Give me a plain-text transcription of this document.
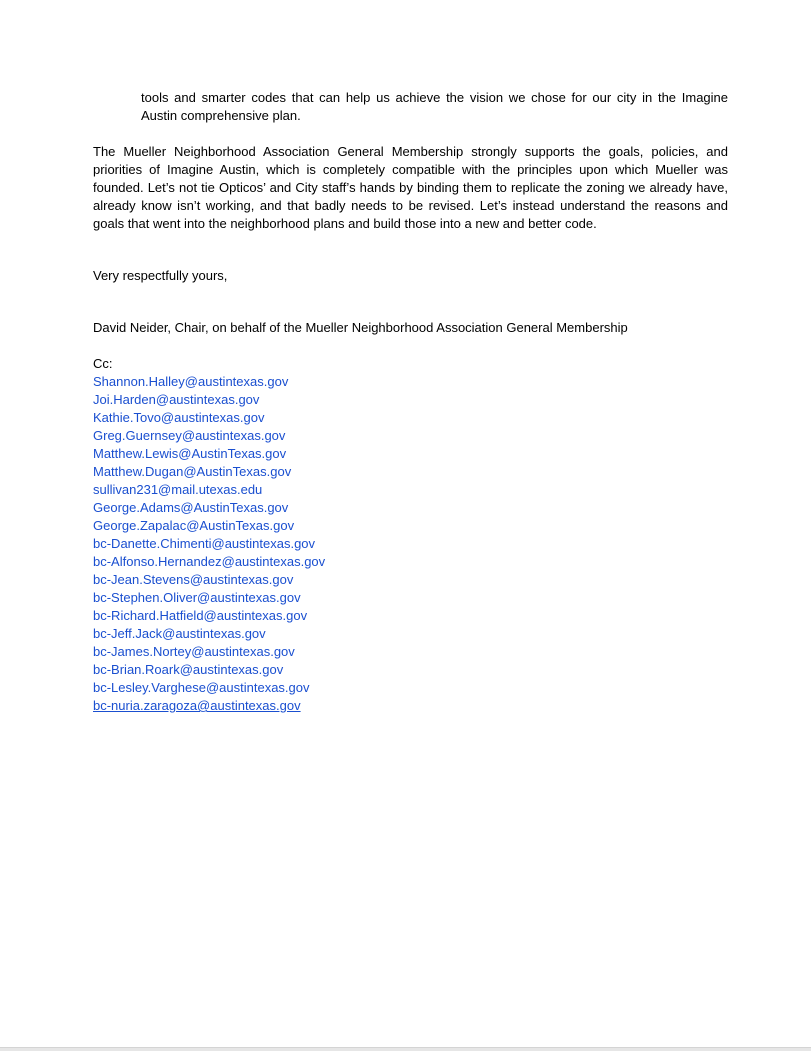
tools and smarter codes that can help us achieve the vision we chose for our city in the Imagine Austin comprehensive plan.

The Mueller Neighborhood Association General Membership strongly supports the goals, policies, and priorities of Imagine Austin, which is completely compatible with the principles upon which Mueller was founded. Let’s not tie Opticos’ and City staff’s hands by binding them to replicate the zoning we already have, already know isn’t working, and that badly needs to be revised. Let’s instead understand the reasons and goals that went into the neighborhood plans and build those into a new and better code.

Very respectfully yours,

David Neider, Chair, on behalf of the Mueller Neighborhood Association General Membership

Cc:

Shannon.Halley@austintexas.gov
Joi.Harden@austintexas.gov
Kathie.Tovo@austintexas.gov
Greg.Guernsey@austintexas.gov
Matthew.Lewis@AustinTexas.gov
Matthew.Dugan@AustinTexas.gov
sullivan231@mail.utexas.edu
George.Adams@AustinTexas.gov
George.Zapalac@AustinTexas.gov
bc-Danette.Chimenti@austintexas.gov
bc-Alfonso.Hernandez@austintexas.gov
bc-Jean.Stevens@austintexas.gov
bc-Stephen.Oliver@austintexas.gov
bc-Richard.Hatfield@austintexas.gov
bc-Jeff.Jack@austintexas.gov
bc-James.Nortey@austintexas.gov
bc-Brian.Roark@austintexas.gov
bc-Lesley.Varghese@austintexas.gov
bc-nuria.zaragoza@austintexas.gov
